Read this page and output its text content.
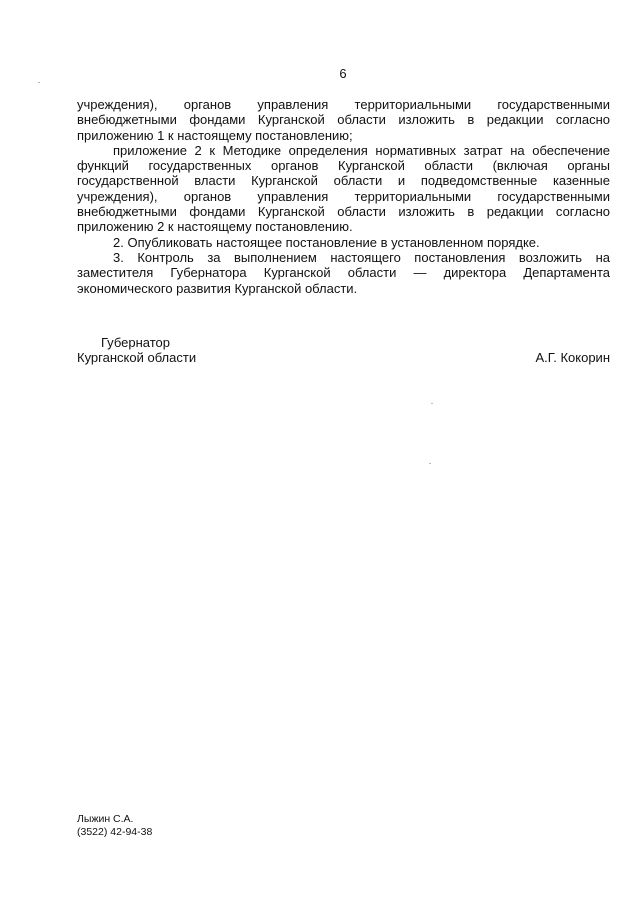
6

учреждения), органов управления территориальными государственными внебюджетными фондами Курганской области изложить в редакции согласно приложению 1 к настоящему постановлению;

приложение 2 к Методике определения нормативных затрат на обеспечение функций государственных органов Курганской области (включая органы государственной власти Курганской области и подведомственные казенные учреждения), органов управления территориальными государственными внебюджетными фондами Курганской области изложить в редакции согласно приложению 2 к настоящему постановлению.

2. Опубликовать настоящее постановление в установленном порядке.

3. Контроль за выполнением настоящего постановления возложить на заместителя Губернатора Курганской области — директора Департамента экономического развития Курганской области.

Губернатор

Курганской области	А.Г. Кокорин

Лыжин С.А.

(3522) 42-94-38
